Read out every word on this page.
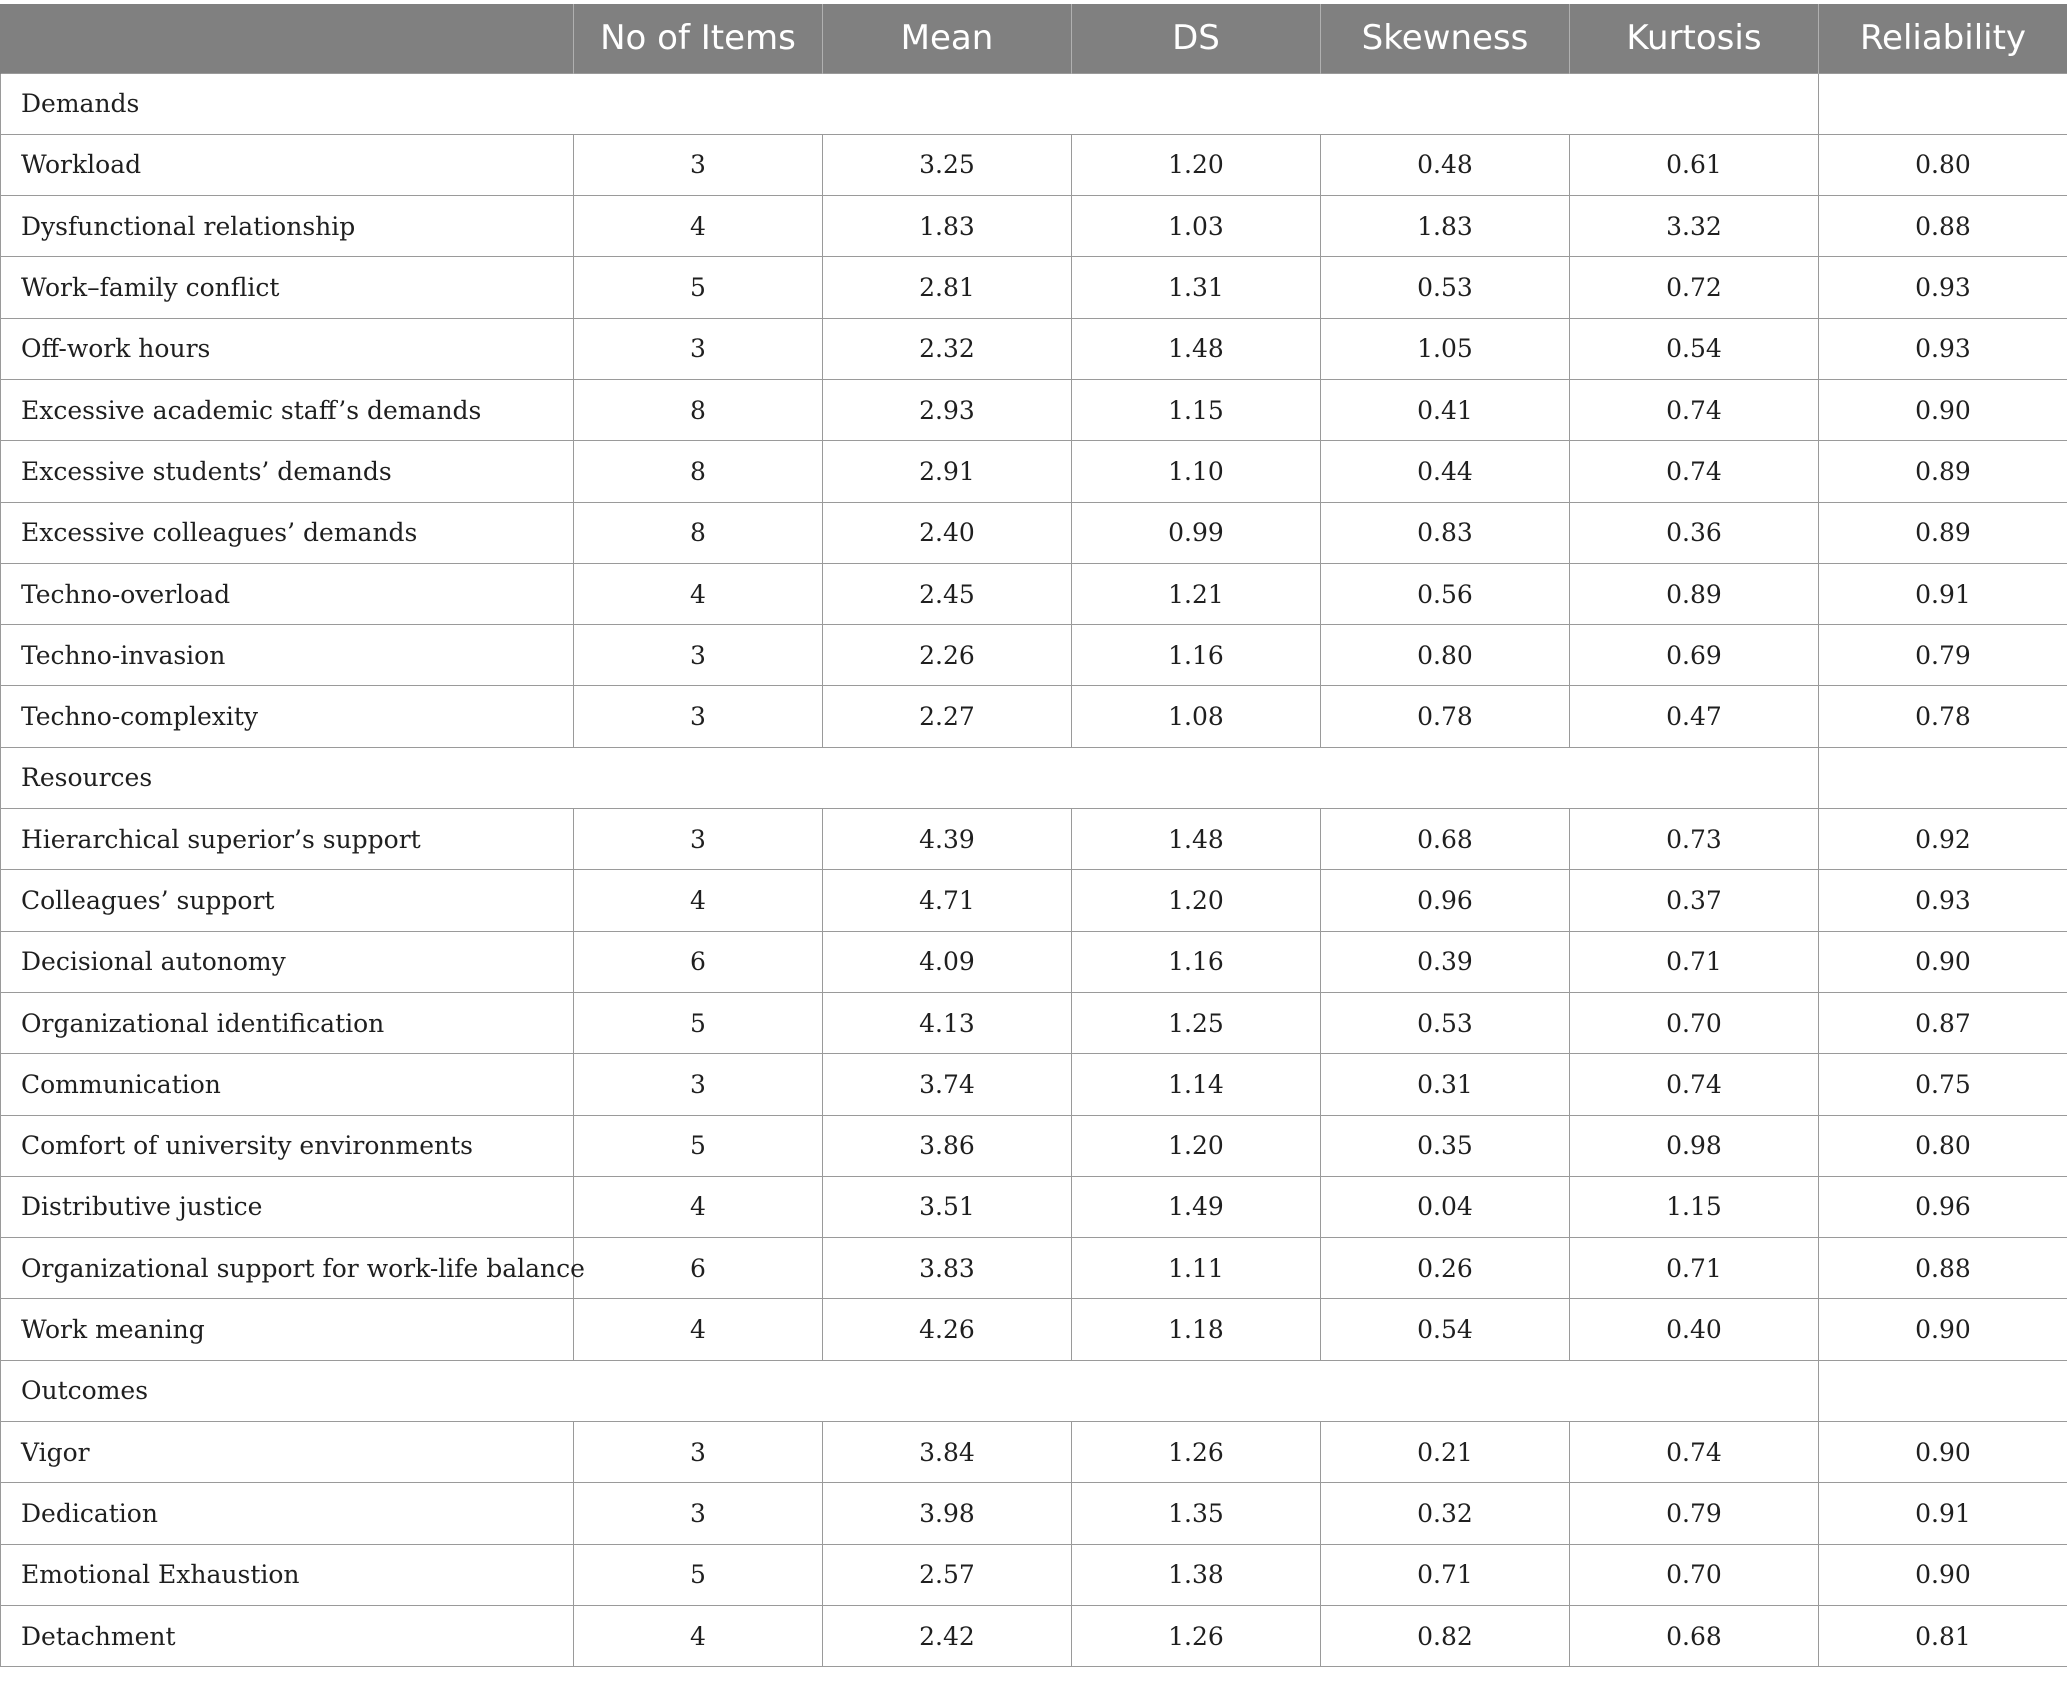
	No of Items	Mean	DS	Skewness	Kurtosis	Reliability
Demands						
Workload	3	3.25	1.20	0.48	0.61	0.80
Dysfunctional relationship	4	1.83	1.03	1.83	3.32	0.88
Work–family conflict	5	2.81	1.31	0.53	0.72	0.93
Off-work hours	3	2.32	1.48	1.05	0.54	0.93
Excessive academic staff’s demands	8	2.93	1.15	0.41	0.74	0.90
Excessive students’ demands	8	2.91	1.10	0.44	0.74	0.89
Excessive colleagues’ demands	8	2.40	0.99	0.83	0.36	0.89
Techno-overload	4	2.45	1.21	0.56	0.89	0.91
Techno-invasion	3	2.26	1.16	0.80	0.69	0.79
Techno-complexity	3	2.27	1.08	0.78	0.47	0.78
Resources						
Hierarchical superior’s support	3	4.39	1.48	0.68	0.73	0.92
Colleagues’ support	4	4.71	1.20	0.96	0.37	0.93
Decisional autonomy	6	4.09	1.16	0.39	0.71	0.90
Organizational identification	5	4.13	1.25	0.53	0.70	0.87
Communication	3	3.74	1.14	0.31	0.74	0.75
Comfort of university environments	5	3.86	1.20	0.35	0.98	0.80
Distributive justice	4	3.51	1.49	0.04	1.15	0.96
Organizational support for work-life balance	6	3.83	1.11	0.26	0.71	0.88
Work meaning	4	4.26	1.18	0.54	0.40	0.90
Outcomes						
Vigor	3	3.84	1.26	0.21	0.74	0.90
Dedication	3	3.98	1.35	0.32	0.79	0.91
Emotional Exhaustion	5	2.57	1.38	0.71	0.70	0.90
Detachment	4	2.42	1.26	0.82	0.68	0.81
